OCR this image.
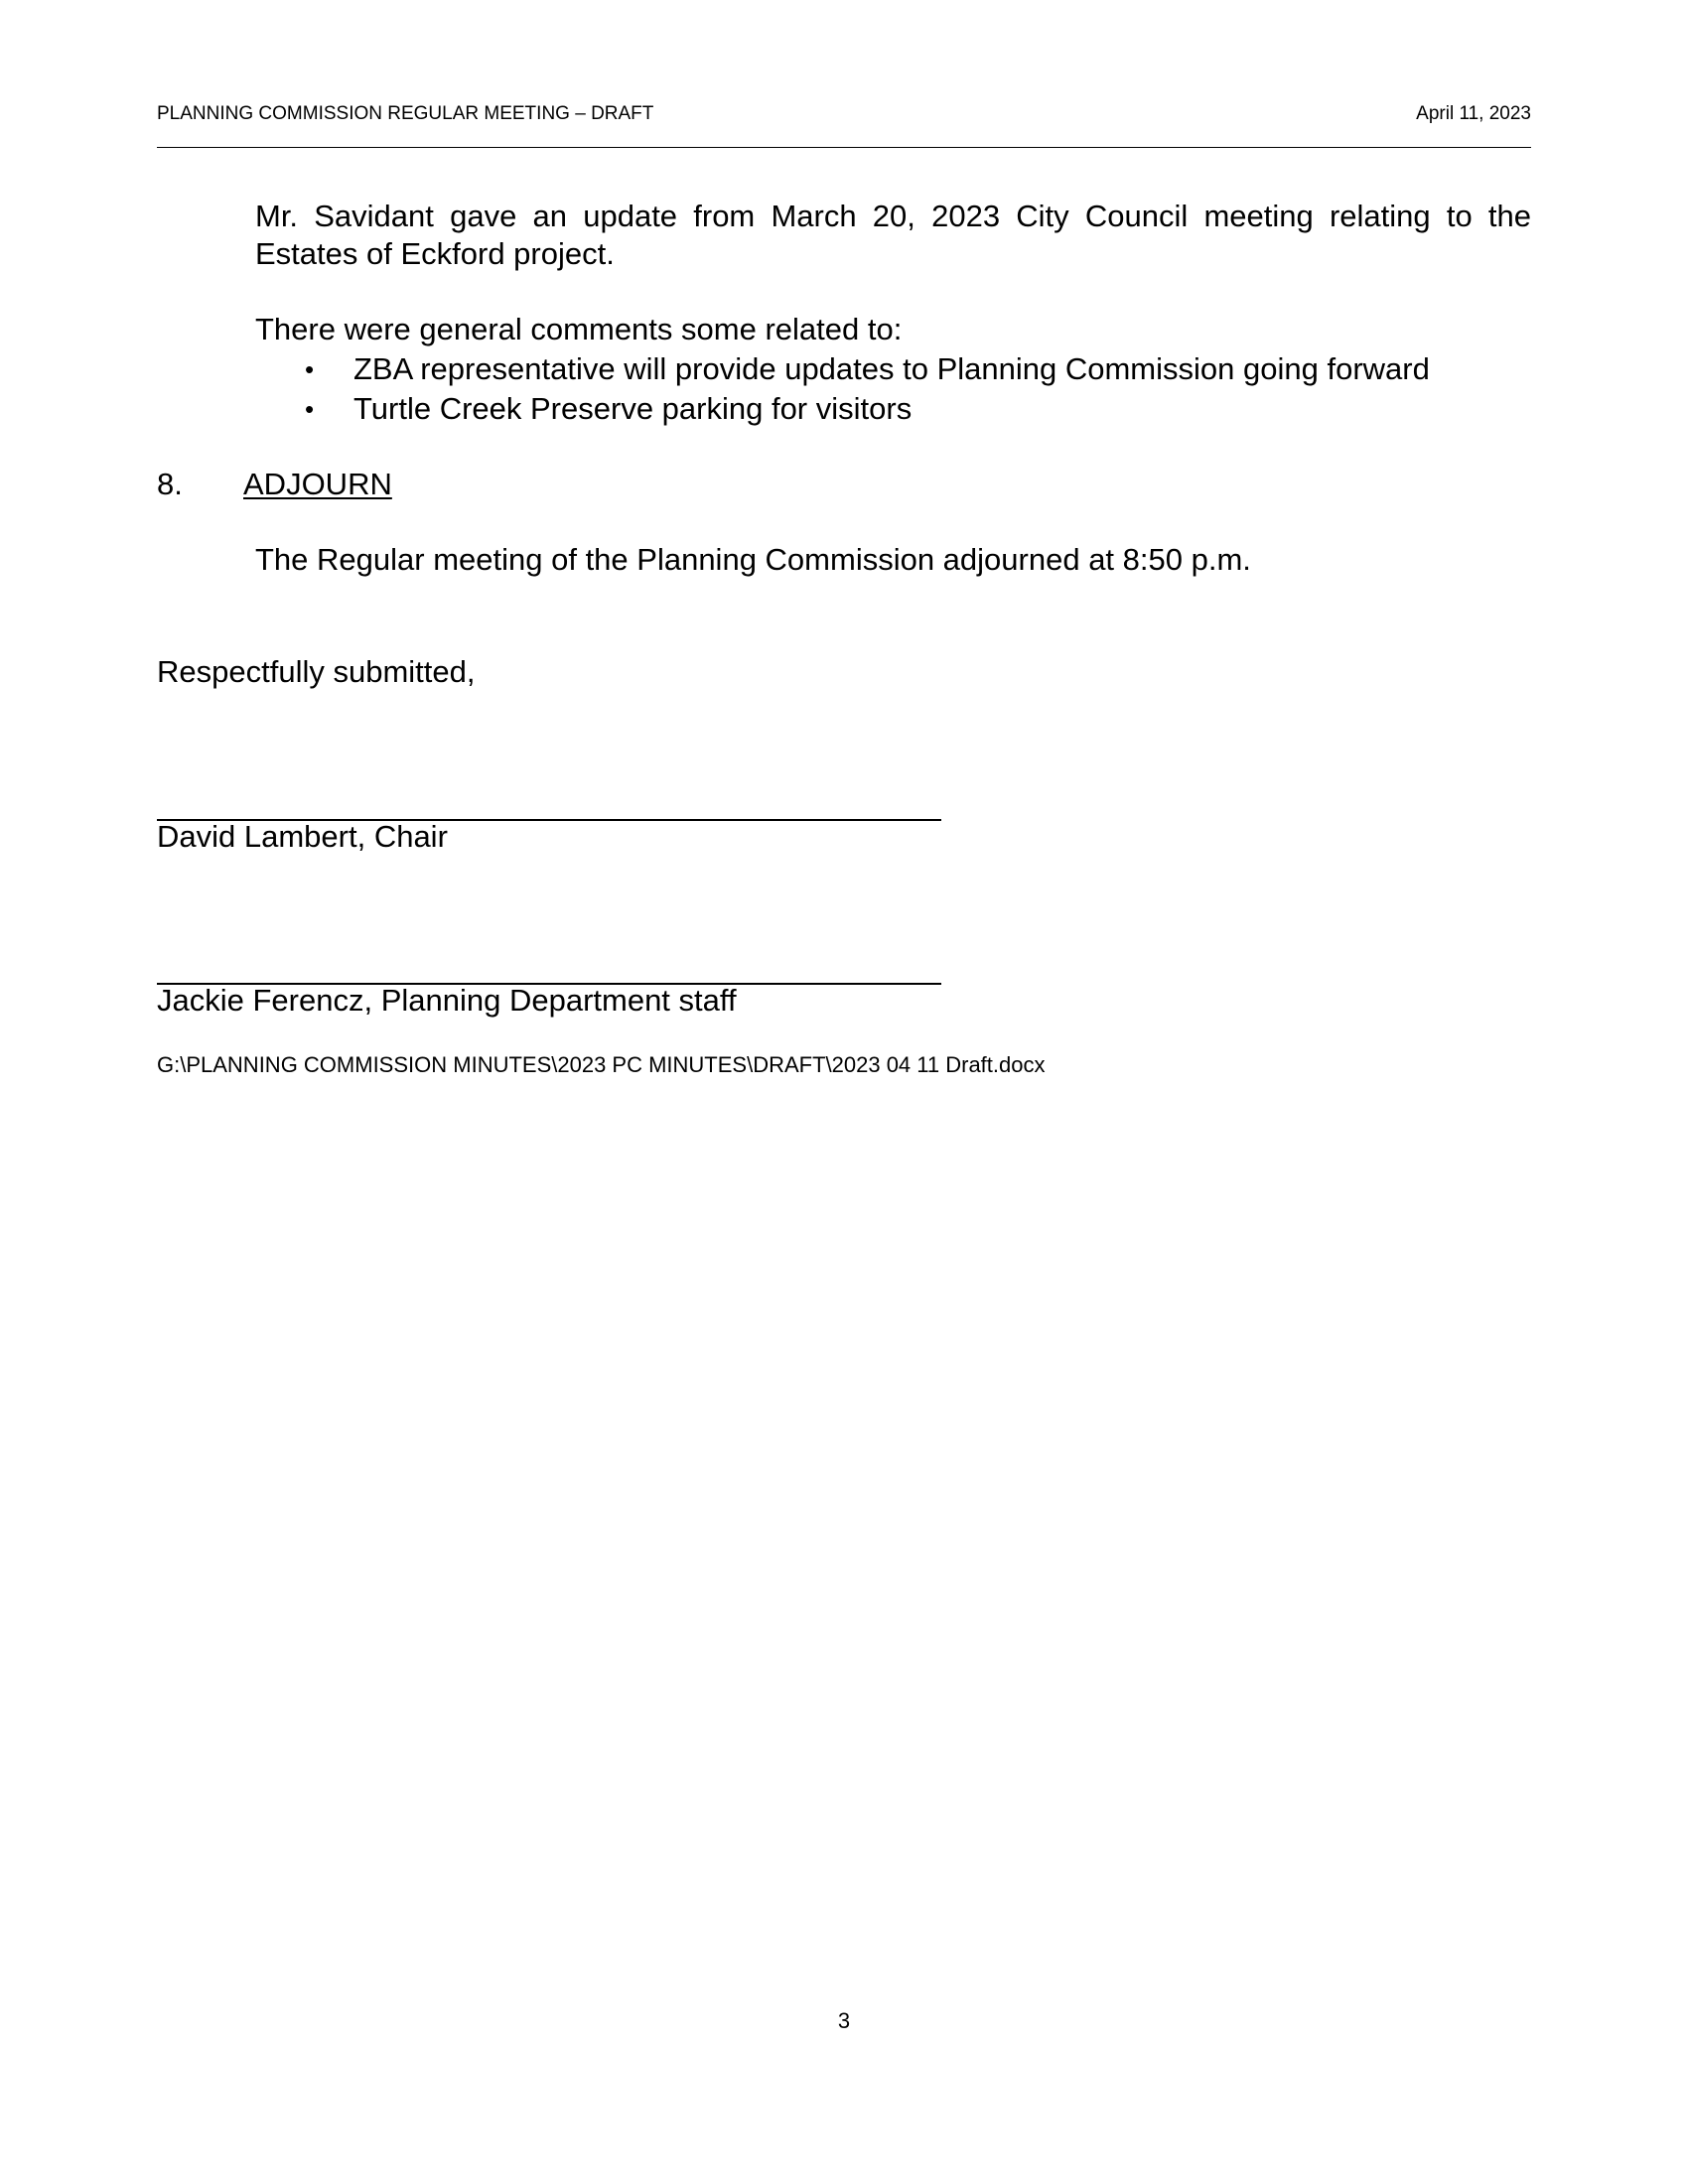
PLANNING COMMISSION REGULAR MEETING – DRAFT	April 11, 2023
Mr. Savidant gave an update from March 20, 2023 City Council meeting relating to the Estates of Eckford project.
There were general comments some related to:
• ZBA representative will provide updates to Planning Commission going forward
• Turtle Creek Preserve parking for visitors
8. ADJOURN
The Regular meeting of the Planning Commission adjourned at 8:50 p.m.
Respectfully submitted,
David Lambert, Chair
Jackie Ferencz, Planning Department staff
G:\PLANNING COMMISSION MINUTES\2023 PC MINUTES\DRAFT\2023 04 11 Draft.docx
3
